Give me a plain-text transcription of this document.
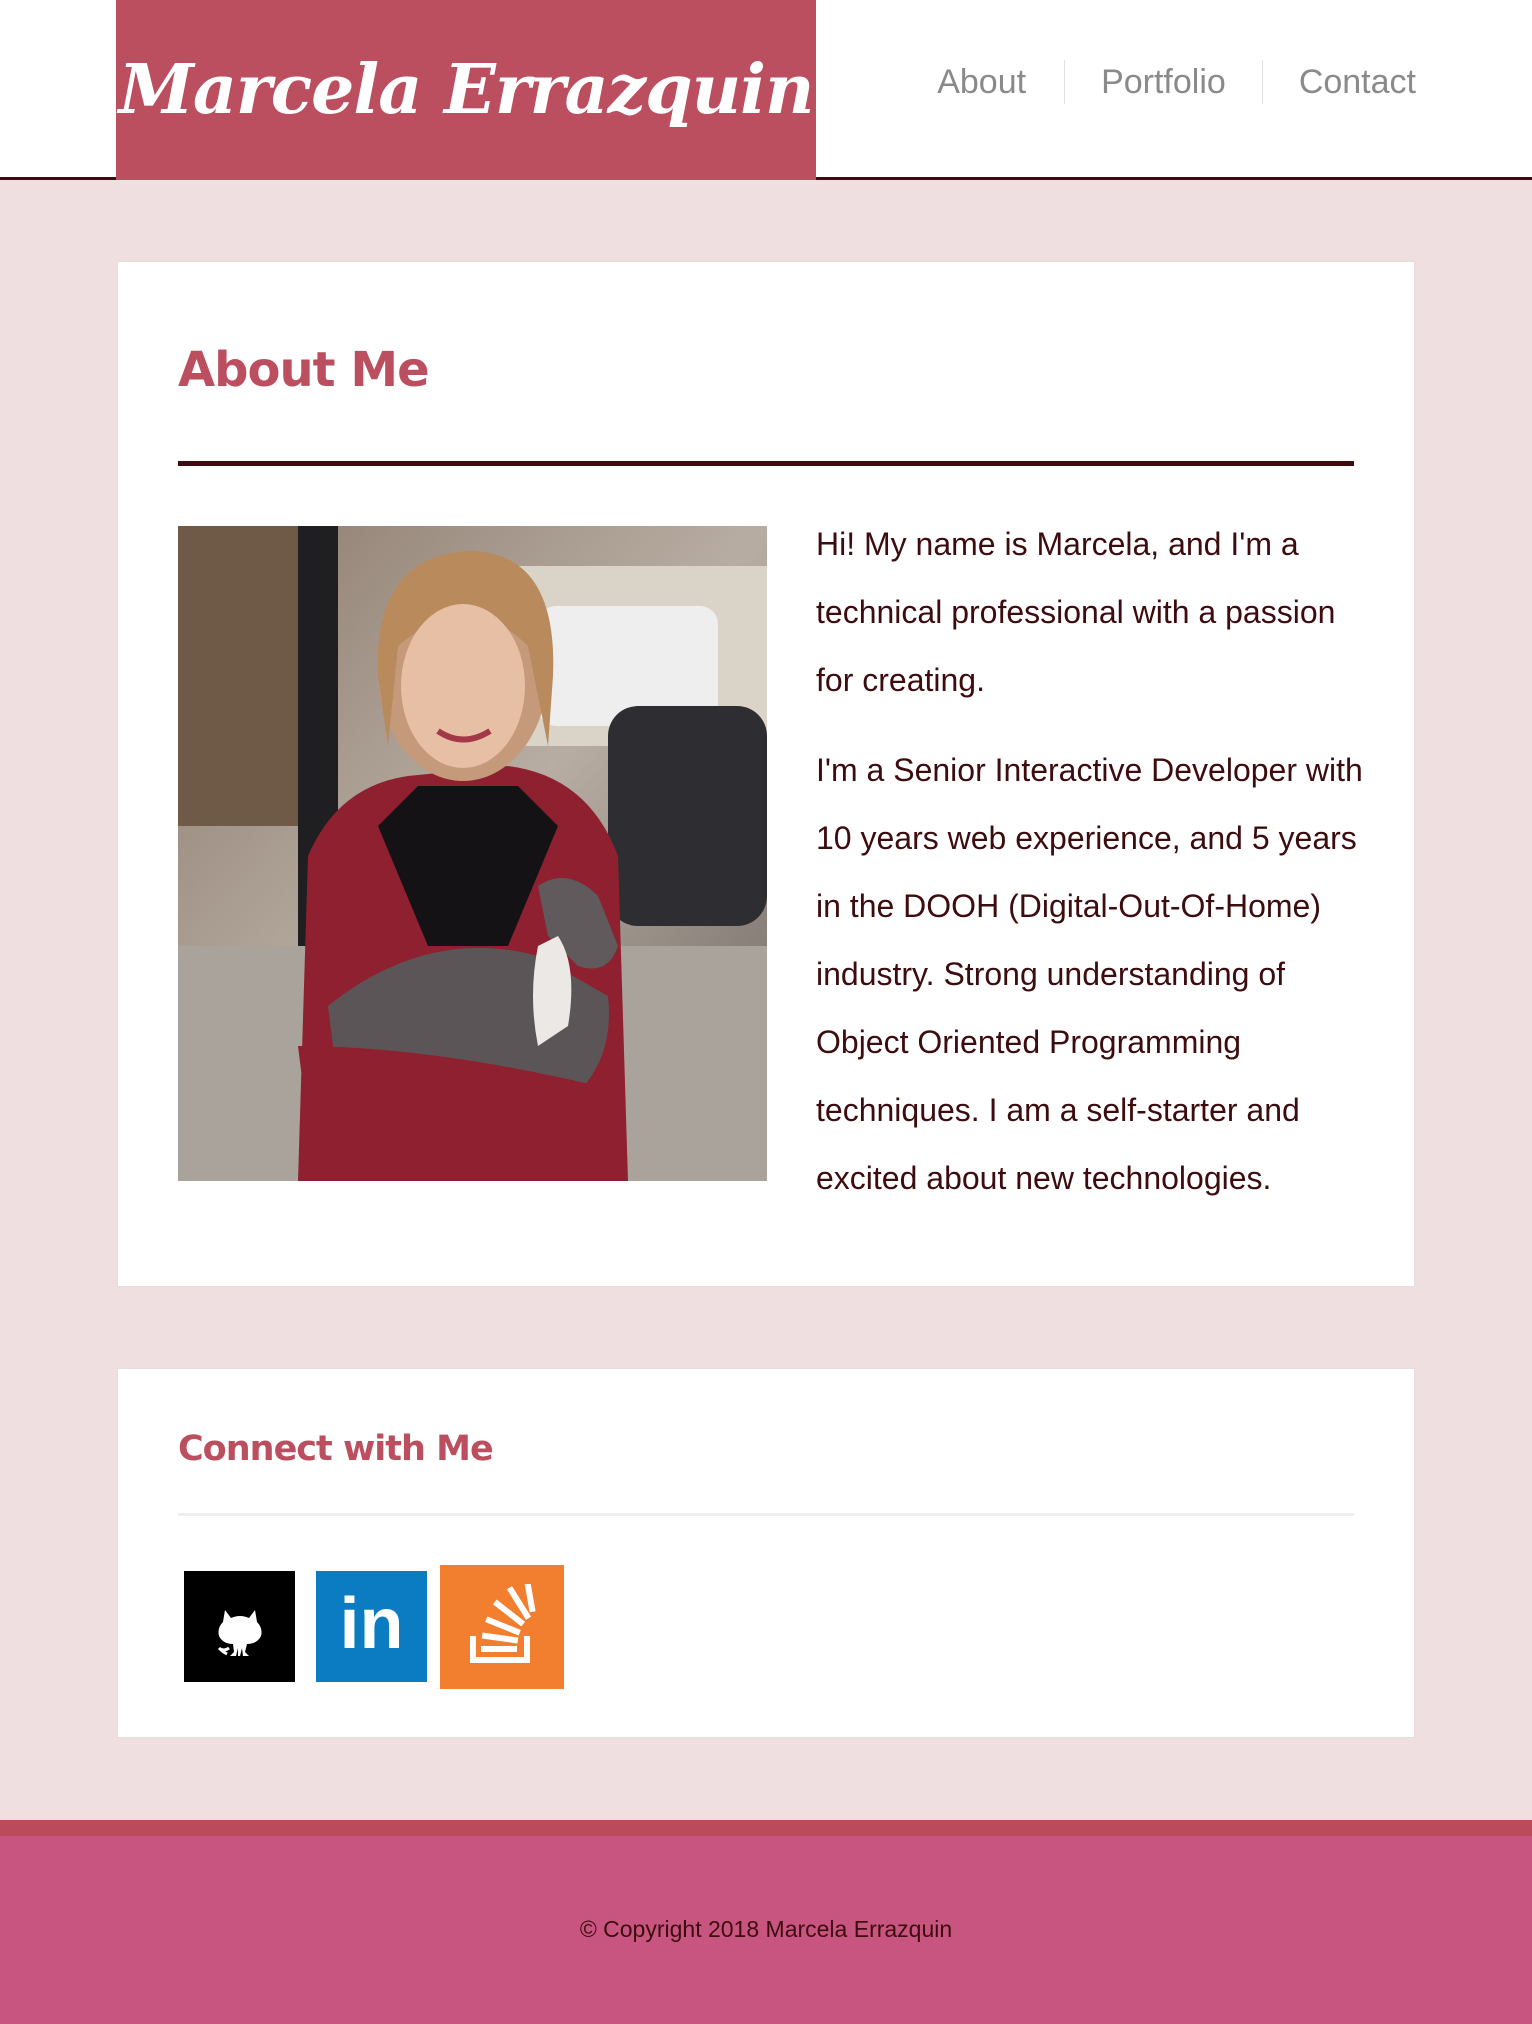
Marcela Errazquin	About	Portfolio	Contact
About Me

Hi! My name is Marcela, and I'm a technical professional with a passion for creating.

I'm a Senior Interactive Developer with 10 years web experience, and 5 years in the DOOH (Digital-Out-Of-Home) industry. Strong understanding of Object Oriented Programming techniques. I am a self-starter and excited about new technologies.

Connect with Me
in
© Copyright 2018 Marcela Errazquin
